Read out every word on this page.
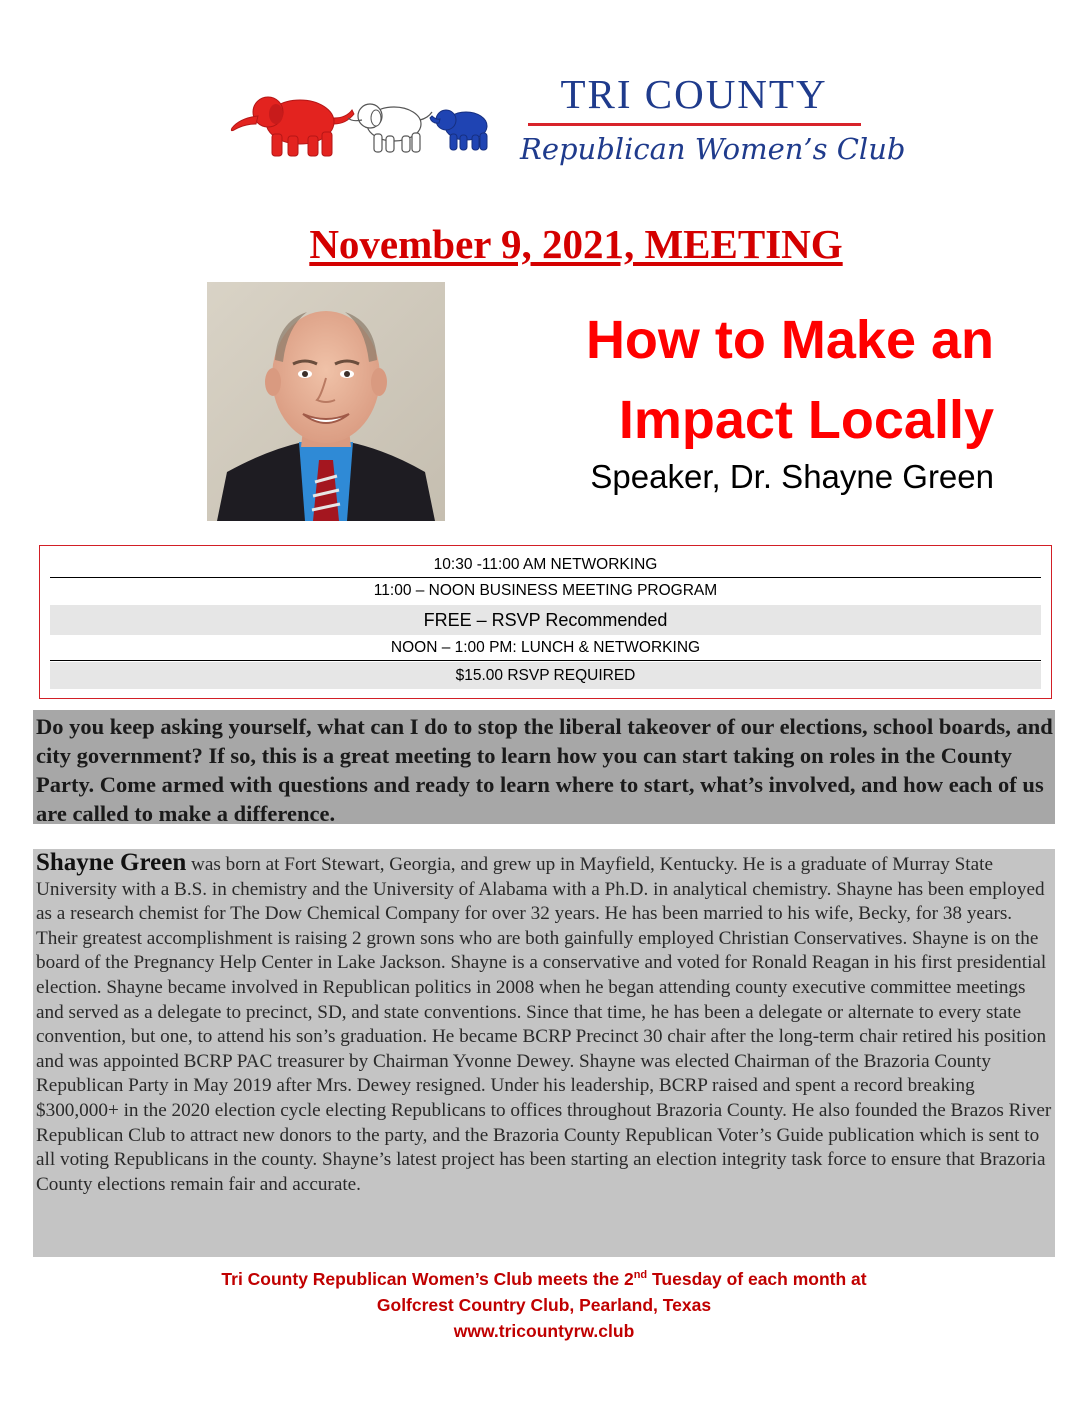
TRI COUNTY
Republican Women’s Club
November 9, 2021, MEETING
How to Make an
Impact Locally
Speaker, Dr. Shayne Green
10:30 -11:00 AM NETWORKING
11:00 – NOON BUSINESS MEETING PROGRAM
FREE – RSVP Recommended
NOON – 1:00 PM: LUNCH & NETWORKING
$15.00 RSVP REQUIRED
Do you keep asking yourself, what can I do to stop the liberal takeover of our elections, school boards, and city government? If so, this is a great meeting to learn how you can start taking on roles in the County Party. Come armed with questions and ready to learn where to start, what’s involved, and how each of us are called to make a difference.
Shayne Green was born at Fort Stewart, Georgia, and grew up in Mayfield, Kentucky. He is a graduate of Murray State University with a B.S. in chemistry and the University of Alabama with a Ph.D. in analytical chemistry. Shayne has been employed as a research chemist for The Dow Chemical Company for over 32 years. He has been married to his wife, Becky, for 38 years. Their greatest accomplishment is raising 2 grown sons who are both gainfully employed Christian Conservatives. Shayne is on the board of the Pregnancy Help Center in Lake Jackson. Shayne is a conservative and voted for Ronald Reagan in his first presidential election. Shayne became involved in Republican politics in 2008 when he began attending county executive committee meetings and served as a delegate to precinct, SD, and state conventions. Since that time, he has been a delegate or alternate to every state convention, but one, to attend his son’s graduation. He became BCRP Precinct 30 chair after the long-term chair retired his position and was appointed BCRP PAC treasurer by Chairman Yvonne Dewey. Shayne was elected Chairman of the Brazoria County Republican Party in May 2019 after Mrs. Dewey resigned. Under his leadership, BCRP raised and spent a record breaking $300,000+ in the 2020 election cycle electing Republicans to offices throughout Brazoria County. He also founded the Brazos River Republican Club to attract new donors to the party, and the Brazoria County Republican Voter’s Guide publication which is sent to all voting Republicans in the county. Shayne’s latest project has been starting an election integrity task force to ensure that Brazoria County elections remain fair and accurate.
Tri County Republican Women’s Club meets the 2nd Tuesday of each month at
Golfcrest Country Club, Pearland, Texas
www.tricountyrw.club
